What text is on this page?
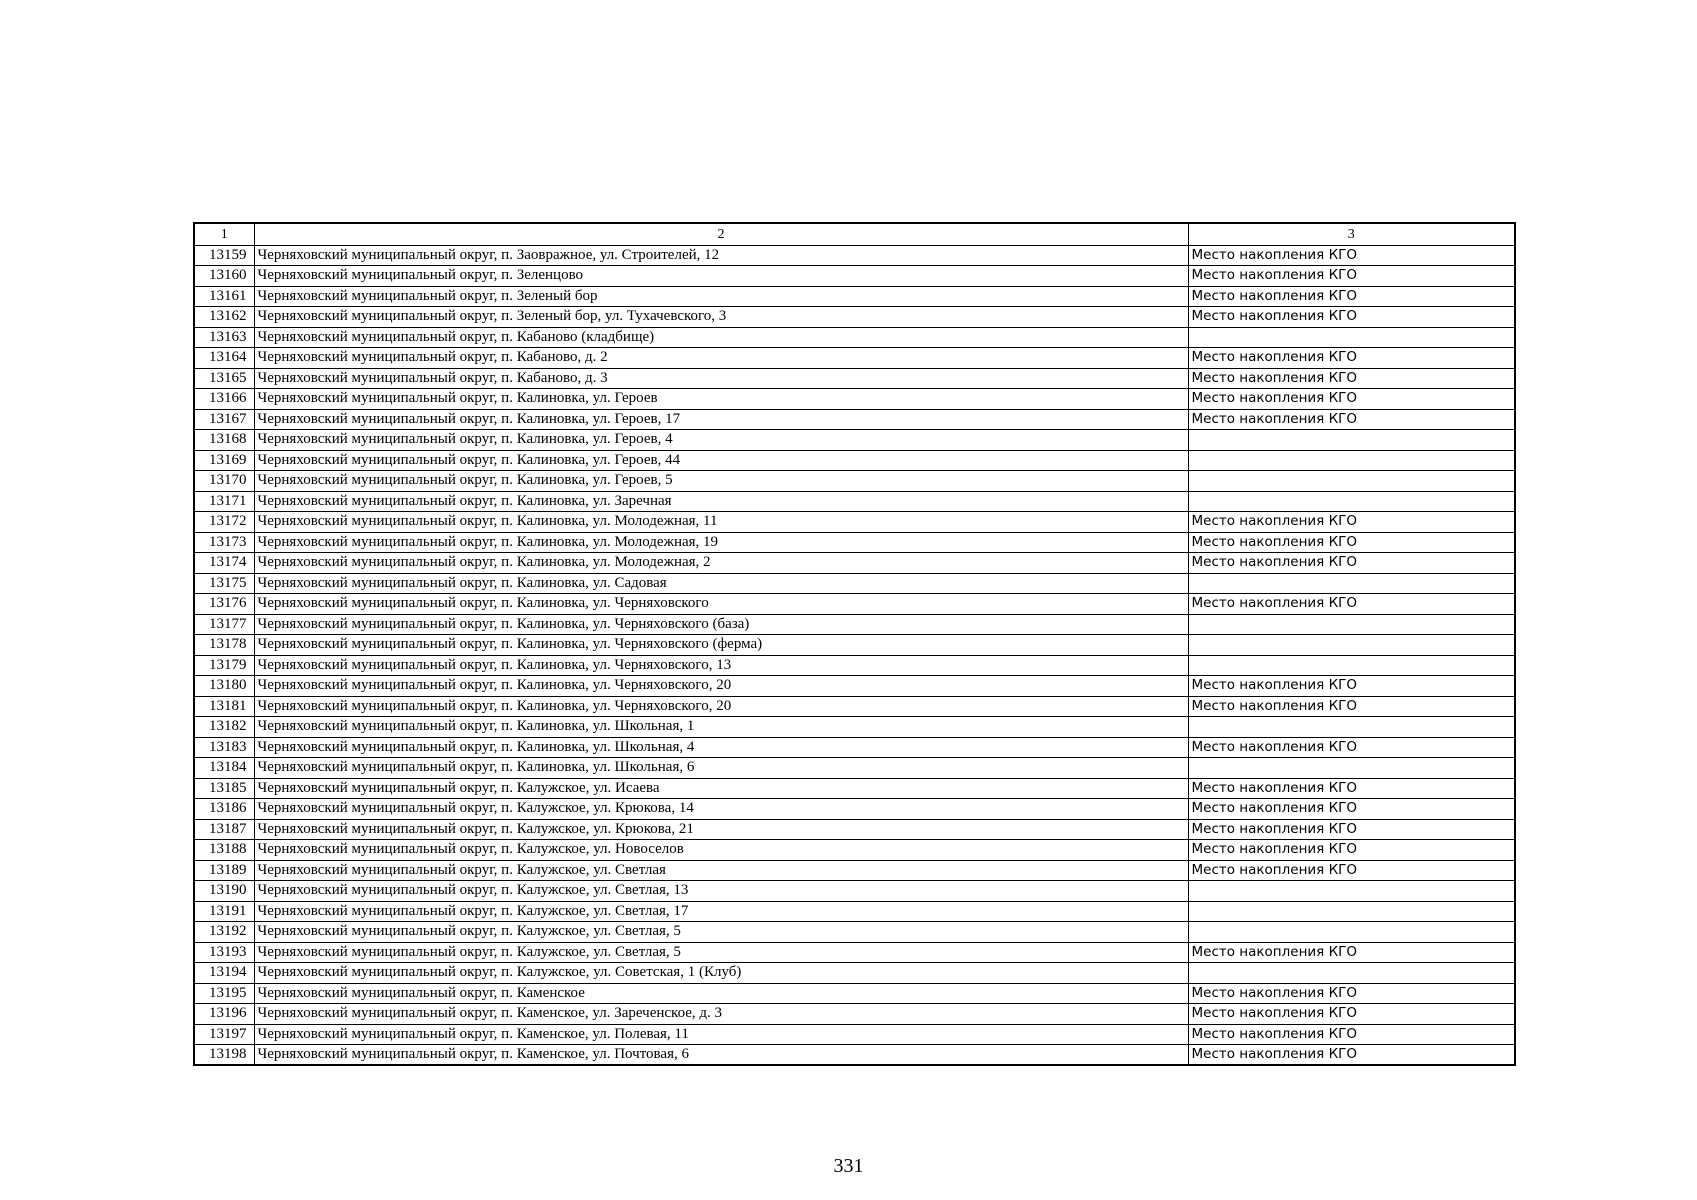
1	2	3
13159	Черняховский муниципальный округ, п. Заовражное, ул. Строителей, 12	Место накопления КГО
13160	Черняховский муниципальный округ, п. Зеленцово	Место накопления КГО
13161	Черняховский муниципальный округ, п. Зеленый бор	Место накопления КГО
13162	Черняховский муниципальный округ, п. Зеленый бор, ул. Тухачевского, 3	Место накопления КГО
13163	Черняховский муниципальный округ, п. Кабаново (кладбище)	
13164	Черняховский муниципальный округ, п. Кабаново, д. 2	Место накопления КГО
13165	Черняховский муниципальный округ, п. Кабаново, д. 3	Место накопления КГО
13166	Черняховский муниципальный округ, п. Калиновка, ул. Героев	Место накопления КГО
13167	Черняховский муниципальный округ, п. Калиновка, ул. Героев, 17	Место накопления КГО
13168	Черняховский муниципальный округ, п. Калиновка, ул. Героев, 4	
13169	Черняховский муниципальный округ, п. Калиновка, ул. Героев, 44	
13170	Черняховский муниципальный округ, п. Калиновка, ул. Героев, 5	
13171	Черняховский муниципальный округ, п. Калиновка, ул. Заречная	
13172	Черняховский муниципальный округ, п. Калиновка, ул. Молодежная, 11	Место накопления КГО
13173	Черняховский муниципальный округ, п. Калиновка, ул. Молодежная, 19	Место накопления КГО
13174	Черняховский муниципальный округ, п. Калиновка, ул. Молодежная, 2	Место накопления КГО
13175	Черняховский муниципальный округ, п. Калиновка, ул. Садовая	
13176	Черняховский муниципальный округ, п. Калиновка, ул. Черняховского	Место накопления КГО
13177	Черняховский муниципальный округ, п. Калиновка, ул. Черняховского (база)	
13178	Черняховский муниципальный округ, п. Калиновка, ул. Черняховского (ферма)	
13179	Черняховский муниципальный округ, п. Калиновка, ул. Черняховского, 13	
13180	Черняховский муниципальный округ, п. Калиновка, ул. Черняховского, 20	Место накопления КГО
13181	Черняховский муниципальный округ, п. Калиновка, ул. Черняховского, 20	Место накопления КГО
13182	Черняховский муниципальный округ, п. Калиновка, ул. Школьная, 1	
13183	Черняховский муниципальный округ, п. Калиновка, ул. Школьная, 4	Место накопления КГО
13184	Черняховский муниципальный округ, п. Калиновка, ул. Школьная, 6	
13185	Черняховский муниципальный округ, п. Калужское, ул. Исаева	Место накопления КГО
13186	Черняховский муниципальный округ, п. Калужское, ул. Крюкова, 14	Место накопления КГО
13187	Черняховский муниципальный округ, п. Калужское, ул. Крюкова, 21	Место накопления КГО
13188	Черняховский муниципальный округ, п. Калужское, ул. Новоселов	Место накопления КГО
13189	Черняховский муниципальный округ, п. Калужское, ул. Светлая	Место накопления КГО
13190	Черняховский муниципальный округ, п. Калужское, ул. Светлая, 13	
13191	Черняховский муниципальный округ, п. Калужское, ул. Светлая, 17	
13192	Черняховский муниципальный округ, п. Калужское, ул. Светлая, 5	
13193	Черняховский муниципальный округ, п. Калужское, ул. Светлая, 5	Место накопления КГО
13194	Черняховский муниципальный округ, п. Калужское, ул. Советская, 1 (Клуб)	
13195	Черняховский муниципальный округ, п. Каменское	Место накопления КГО
13196	Черняховский муниципальный округ, п. Каменское, ул. Зареченское, д. 3	Место накопления КГО
13197	Черняховский муниципальный округ, п. Каменское, ул. Полевая, 11	Место накопления КГО
13198	Черняховский муниципальный округ, п. Каменское, ул. Почтовая, 6	Место накопления КГО
331
